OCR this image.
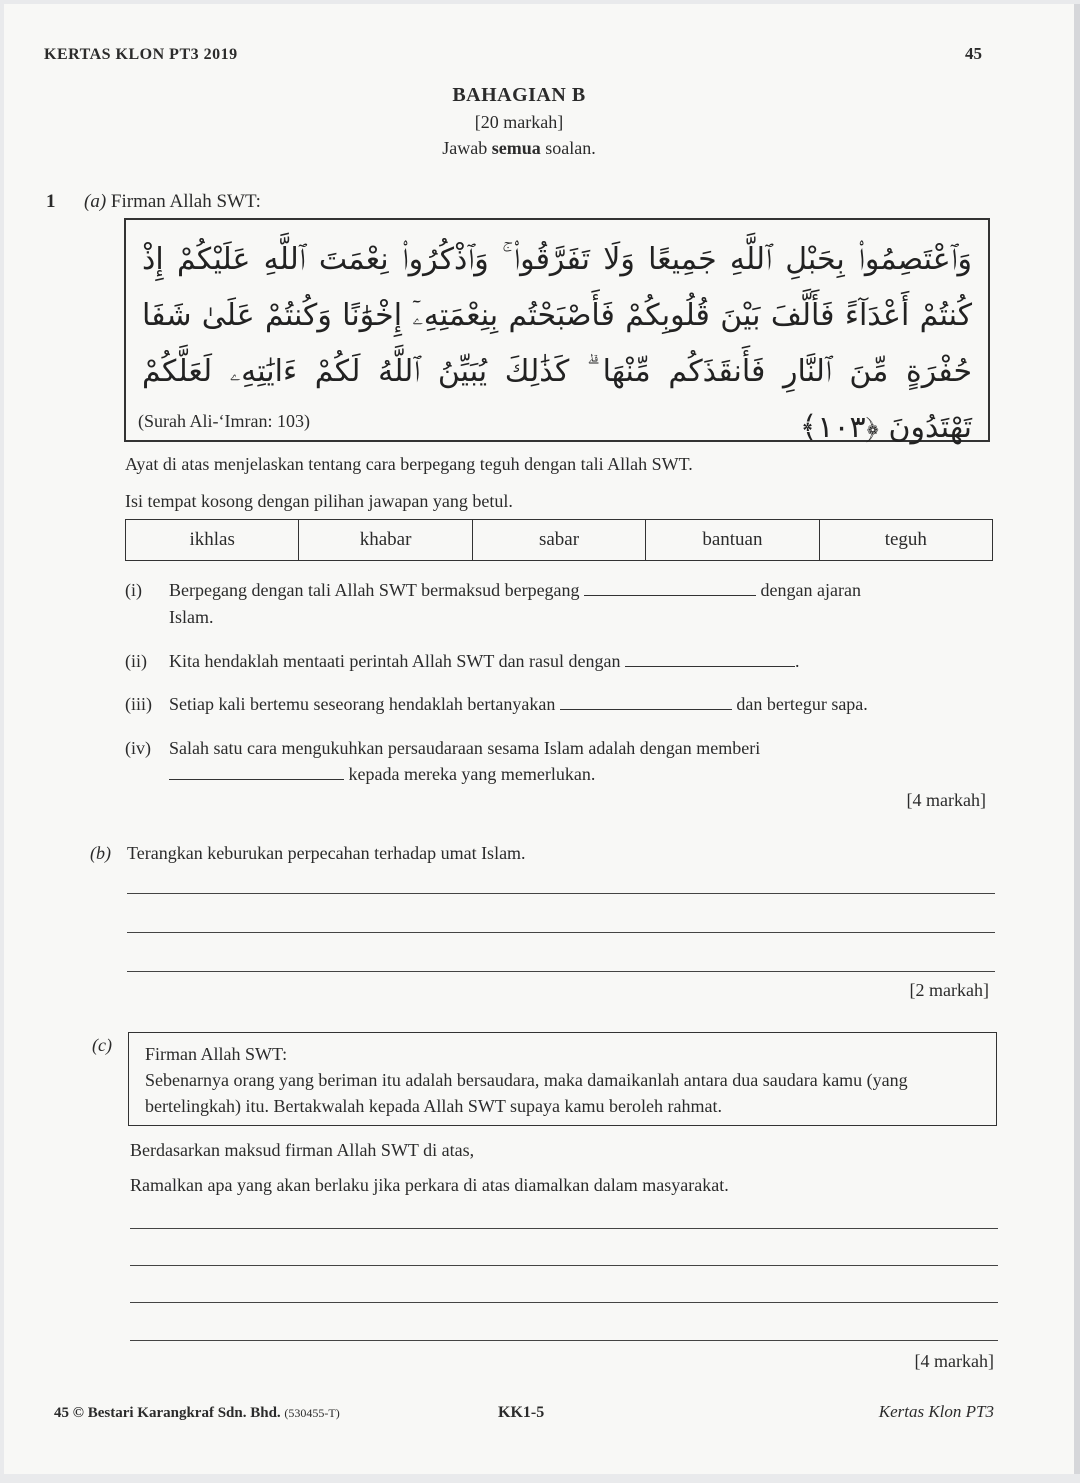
KERTAS KLON PT3 2019	45
BAHAGIAN B
[20 markah]
Jawab semua soalan.
1 (a) Firman Allah SWT:
وَٱعْتَصِمُوا۟ بِحَبْلِ ٱللَّهِ جَمِيعًا وَلَا تَفَرَّقُوا۟ ۚ وَٱذْكُرُوا۟ نِعْمَتَ ٱللَّهِ عَلَيْكُمْ إِذْ كُنتُمْ أَعْدَآءً فَأَلَّفَ بَيْنَ قُلُوبِكُمْ فَأَصْبَحْتُم بِنِعْمَتِهِۦٓ إِخْوَٰنًا وَكُنتُمْ عَلَىٰ شَفَا حُفْرَةٍ مِّنَ ٱلنَّارِ فَأَنقَذَكُم مِّنْهَا ۗ كَذَٰلِكَ يُبَيِّنُ ٱللَّهُ لَكُمْ ءَايَٰتِهِۦ لَعَلَّكُمْ تَهْتَدُونَ ﴿١٠٣﴾
(Surah Ali-‘Imran: 103)
Ayat di atas menjelaskan tentang cara berpegang teguh dengan tali Allah SWT.
Isi tempat kosong dengan pilihan jawapan yang betul.
ikhlas	khabar	sabar	bantuan	teguh
(i) Berpegang dengan tali Allah SWT bermaksud berpegang	dengan ajaran
Islam.
(ii) Kita hendaklah mentaati perintah Allah SWT dan rasul dengan	.
(iii) Setiap kali bertemu seseorang hendaklah bertanyakan	dan bertegur sapa.
(iv) Salah satu cara mengukuhkan persaudaraan sesama Islam adalah dengan memberi
kepada mereka yang memerlukan.
[4 markah]
(b) Terangkan keburukan perpecahan terhadap umat Islam.
[2 markah]
(c) Firman Allah SWT:
Sebenarnya orang yang beriman itu adalah bersaudara, maka damaikanlah antara dua saudara kamu (yang bertelingkah) itu. Bertakwalah kepada Allah SWT supaya kamu beroleh rahmat.
Berdasarkan maksud firman Allah SWT di atas,
Ramalkan apa yang akan berlaku jika perkara di atas diamalkan dalam masyarakat.
[4 markah]
45 © Bestari Karangkraf Sdn. Bhd. (530455-T)	KK1-5	Kertas Klon PT3
